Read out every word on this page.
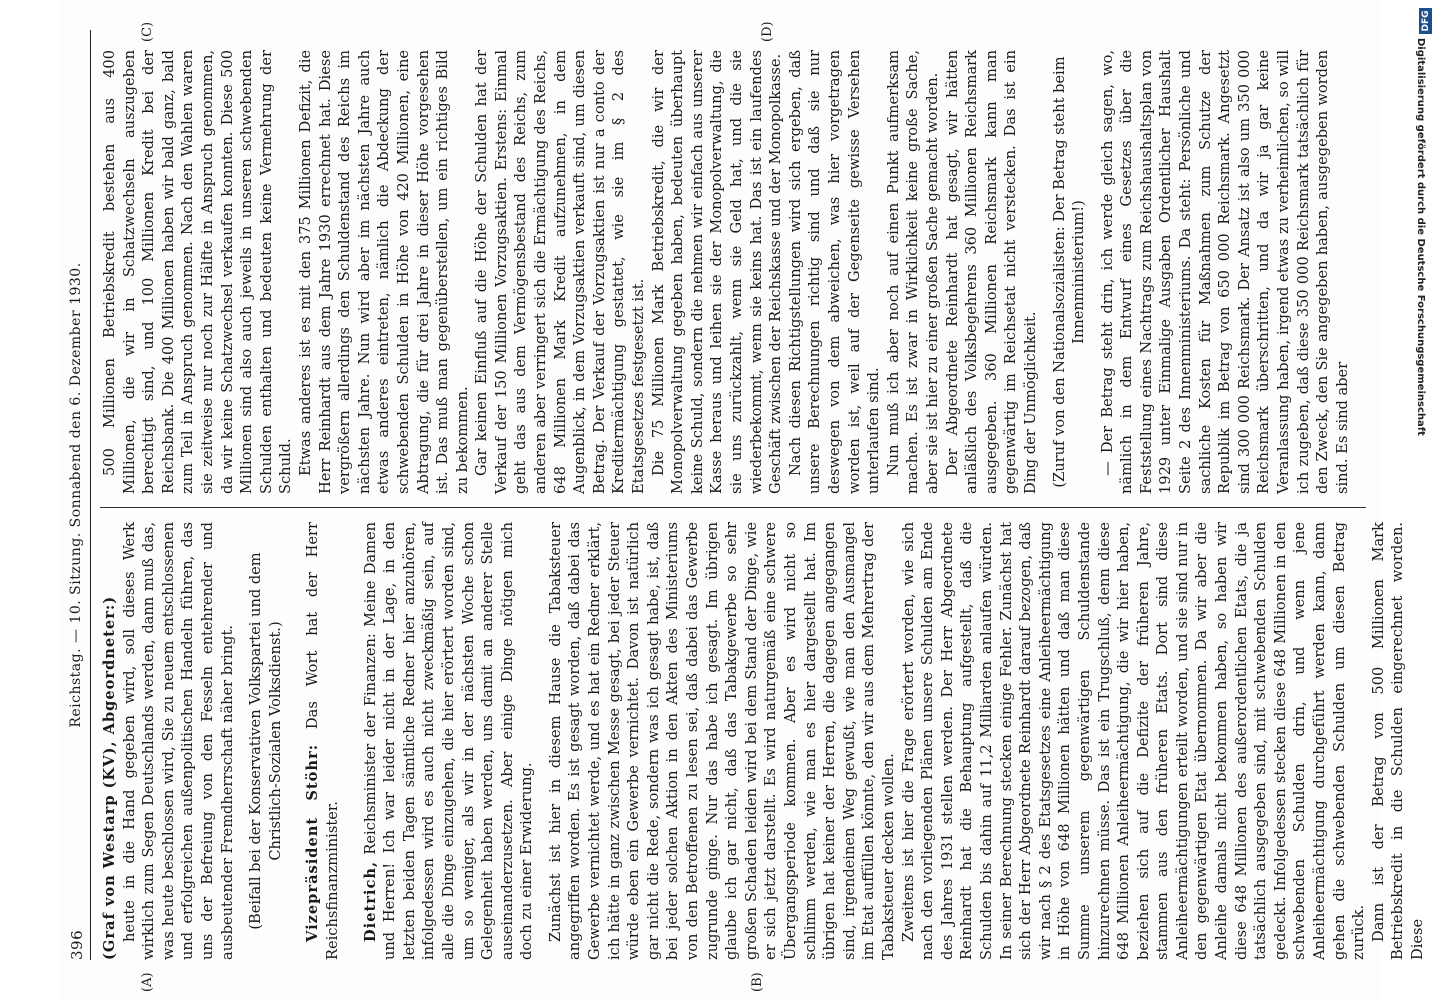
396
Reichstag. — 10. Sitzung. Sonnabend den 6. Dezember 1930.

(Graf von Westarp (KV), Abgeordneter:) heute in die Hand gegeben wird, soll dieses Werk wirklich zum Segen Deutschlands werden, dann muß das, was heute beschlossen wird, Sie zu neuem entschlossenen und erfolgreichen außenpolitischen Handeln führen, das uns der Befreiung von den Fesseln entehrender und ausbeutender Fremdherrschaft näher bringt. (Beifall bei der Konservativen Volkspartei und dem Christlich-Sozialen Volksdienst.) Vizepräsident Stöhr: Das Wort hat der Herr Reichsfinanzminister. Dietrich, Reichsminister der Finanzen: Meine Damen und Herren! Ich war leider nicht in der Lage, in den letzten beiden Tagen sämtliche Redner hier anzuhören, infolgedessen wird es auch nicht zweckmäßig sein, auf alle die Dinge einzugehen, die hier erörtert worden sind, um so weniger, als wir in der nächsten Woche schon Gelegenheit haben werden, uns damit an anderer Stelle auseinanderzusetzen. Aber einige Dinge nötigen mich doch zu einer Erwiderung. Zunächst ist hier in diesem Hause die Tabaksteuer angegriffen worden. Es ist gesagt worden, daß dabei das Gewerbe vernichtet werde, und es hat ein Redner erklärt, ich hätte in ganz zwischen Messe gesagt, bei jeder Steuer würde eben ein Gewerbe vernichtet. Davon ist natürlich gar nicht die Rede, sondern was ich gesagt habe, ist, daß bei jeder solchen Aktion in den Akten des Ministeriums von den Betroffenen zu lesen sei, daß dabei das Gewerbe zugrunde ginge. Nur das habe ich gesagt. Im übrigen glaube ich gar nicht, daß das Tabakgewerbe so sehr großen Schaden leiden wird bei dem Stand der Dinge, wie er sich jetzt darstellt. Es wird naturgemäß eine schwere Übergangsperiode kommen. Aber es wird nicht so schlimm werden, wie man es hier dargestellt hat. Im übrigen hat keiner der Herren, die dagegen angegangen sind, irgendeinen Weg gewußt, wie man den Ausmangel im Etat auffüllen könnte, den wir aus dem Mehrertrag der Tabaksteuer decken wollen. Zweitens ist hier die Frage erörtert worden, wie sich nach den vorliegenden Plänen unsere Schulden am Ende des Jahres 1931 stellen werden. Der Herr Abgeordnete Reinhardt hat die Behauptung aufgestellt, daß die Schulden bis dahin auf 11,2 Milliarden anlaufen würden. In seiner Berechnung stecken einige Fehler. Zunächst hat sich der Herr Abgeordnete Reinhardt darauf bezogen, daß wir nach § 2 des Etatsgesetzes eine Anleiheermächtigung in Höhe von 648 Millionen hätten und daß man diese Summe unserem gegenwärtigen Schuldenstande hinzurechnen müsse. Das ist ein Trugschluß, denn diese 648 Millionen Anleiheermächtigung, die wir hier haben, beziehen sich auf die Defizite der früheren Jahre, stammen aus den früheren Etats. Dort sind diese Anleiheermächtigungen erteilt worden, und sie sind nur in den gegenwärtigen Etat übernommen. Da wir aber die Anleihe damals nicht bekommen haben, so haben wir diese 648 Millionen des außerordentlichen Etats, die ja tatsächlich ausgegeben sind, mit schwebenden Schulden gedeckt. Infolgedessen stecken diese 648 Millionen in den schwebenden Schulden drin, und wenn jene Anleiheermächtigung durchgeführt werden kann, dann gehen die schwebenden Schulden um diesen Betrag zurück. Dann ist der Betrag von 500 Millionen Mark Betriebskredit in die Schulden eingerechnet worden. Diese

500 Millionen Betriebskredit bestehen aus 400 Millionen, die wir in Schatzwechseln auszugeben berechtigt sind, und 100 Millionen Kredit bei der Reichsbank. Die 400 Millionen haben wir bald ganz, bald zum Teil in Anspruch genommen. Nach den Wahlen waren sie zeitweise nur noch zur Hälfte in Anspruch genommen, da wir keine Schatzwechsel verkaufen konnten. Diese 500 Millionen sind also auch jeweils in unseren schwebenden Schulden enthalten und bedeuten keine Vermehrung der Schuld. Etwas anderes ist es mit den 375 Millionen Defizit, die Herr Reinhardt aus dem Jahre 1930 errechnet hat. Diese vergrößern allerdings den Schuldenstand des Reichs im nächsten Jahre. Nun wird aber im nächsten Jahre auch etwas anderes eintreten, nämlich die Abdeckung der schwebenden Schulden in Höhe von 420 Millionen, eine Abtragung, die für drei Jahre in dieser Höhe vorgesehen ist. Das muß man gegenüberstellen, um ein richtiges Bild zu bekommen. Gar keinen Einfluß auf die Höhe der Schulden hat der Verkauf der 150 Millionen Vorzugsaktien. Erstens: Einmal geht das aus dem Vermögensbestand des Reichs, zum anderen aber verringert sich die Ermächtigung des Reichs, 648 Millionen Mark Kredit aufzunehmen, in dem Augenblick, in dem Vorzugsaktien verkauft sind, um diesen Betrag. Der Verkauf der Vorzugsaktien ist nur a conto der Kreditermächtigung gestattet, wie sie im § 2 des Etatsgesetzes festgesetzt ist. Die 75 Millionen Mark Betriebskredit, die wir der Monopolverwaltung gegeben haben, bedeuten überhaupt keine Schuld, sondern die nehmen wir einfach aus unserer Kasse heraus und leihen sie der Monopolverwaltung, die sie uns zurückzahlt, wenn sie Geld hat, und die sie wiederbekommt, wenn sie keins hat. Das ist ein laufendes Geschäft zwischen der Reichskasse und der Monopolkasse. Nach diesen Richtigstellungen wird sich ergeben, daß unsere Berechnungen richtig sind und daß sie nur deswegen von dem abweichen, was hier vorgetragen worden ist, weil auf der Gegenseite gewisse Versehen unterlaufen sind. Nun muß ich aber noch auf einen Punkt aufmerksam machen. Es ist zwar in Wirklichkeit keine große Sache, aber sie ist hier zu einer großen Sache gemacht worden. Der Abgeordnete Reinhardt hat gesagt, wir hätten anläßlich des Volksbegehrens 360 Millionen Reichsmark ausgegeben. 360 Millionen Reichsmark kann man gegenwärtig im Reichsetat nicht verstecken. Das ist ein Ding der Unmöglichkeit. (Zuruf von den Nationalsozialisten: Der Betrag steht beim Innenministerium!) — Der Betrag steht drin, ich werde gleich sagen, wo, nämlich in dem Entwurf eines Gesetzes über die Feststellung eines Nachtrags zum Reichshaushaltsplan von 1929 unter Einmalige Ausgaben Ordentlicher Haushalt Seite 2 des Innenministeriums. Da steht: Persönliche und sachliche Kosten für Maßnahmen zum Schutze der Republik im Betrag von 650 000 Reichsmark. Angesetzt sind 300 000 Reichsmark. Der Ansatz ist also um 350 000 Reichsmark überschritten, und da wir ja gar keine Veranlassung haben, irgend etwas zu verheimlichen, so will ich zugeben, daß diese 350 000 Reichsmark tatsächlich für den Zweck, den Sie angegeben haben, ausgegeben worden sind. Es sind aber

(A)	(B)
(C)	(D)
DFG
Digitalisierung gefördert durch die Deutsche Forschungsgemeinschaft
